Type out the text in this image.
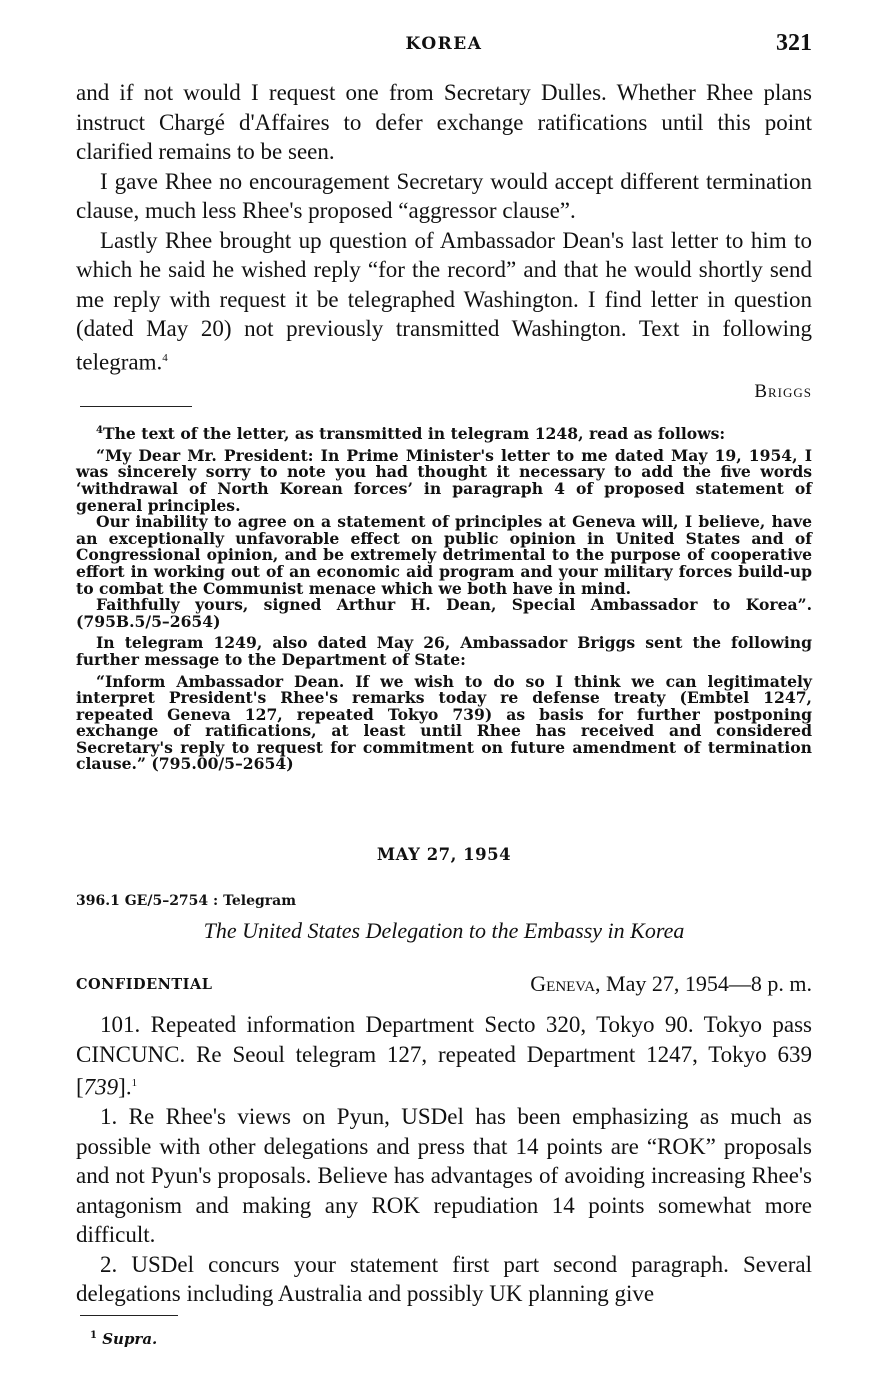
KOREA	321

and if not would I request one from Secretary Dulles. Whether Rhee plans instruct Chargé d'Affaires to defer exchange ratifications until this point clarified remains to be seen.

I gave Rhee no encouragement Secretary would accept different termination clause, much less Rhee's proposed “aggressor clause”.

Lastly Rhee brought up question of Ambassador Dean's last letter to him to which he said he wished reply “for the record” and that he would shortly send me reply with request it be telegraphed Washington. I find letter in question (dated May 20) not previously transmitted Washington. Text in following telegram.$^4$

Briggs

$^4$The text of the letter, as transmitted in telegram 1248, read as follows:

“My Dear Mr. President: In Prime Minister's letter to me dated May 19, 1954, I was sincerely sorry to note you had thought it necessary to add the five words ‘withdrawal of North Korean forces’ in paragraph 4 of proposed statement of general principles.

Our inability to agree on a statement of principles at Geneva will, I believe, have an exceptionally unfavorable effect on public opinion in United States and of Congressional opinion, and be extremely detrimental to the purpose of cooperative effort in working out of an economic aid program and your military forces build-up to combat the Communist menace which we both have in mind.

Faithfully yours, signed Arthur H. Dean, Special Ambassador to Korea”. (795B.5/5–2654)

In telegram 1249, also dated May 26, Ambassador Briggs sent the following further message to the Department of State:

“Inform Ambassador Dean. If we wish to do so I think we can legitimately interpret President's Rhee's remarks today re defense treaty (Embtel 1247, repeated Geneva 127, repeated Tokyo 739) as basis for further postponing exchange of ratifications, at least until Rhee has received and considered Secretary's reply to request for commitment on future amendment of termination clause.” (795.00/5–2654)

MAY 27, 1954
396.1 GE/5–2754 : Telegram
The United States Delegation to the Embassy in Korea
CONFIDENTIAL	Geneva, May 27, 1954—8 p. m.

101. Repeated information Department Secto 320, Tokyo 90. Tokyo pass CINCUNC. Re Seoul telegram 127, repeated Department 1247, Tokyo 639 [739].$^1$

1. Re Rhee's views on Pyun, USDel has been emphasizing as much as possible with other delegations and press that 14 points are “ROK” proposals and not Pyun's proposals. Believe has advantages of avoiding increasing Rhee's antagonism and making any ROK repudiation 14 points somewhat more difficult.

2. USDel concurs your statement first part second paragraph. Several delegations including Australia and possibly UK planning give

$^1$ Supra.
